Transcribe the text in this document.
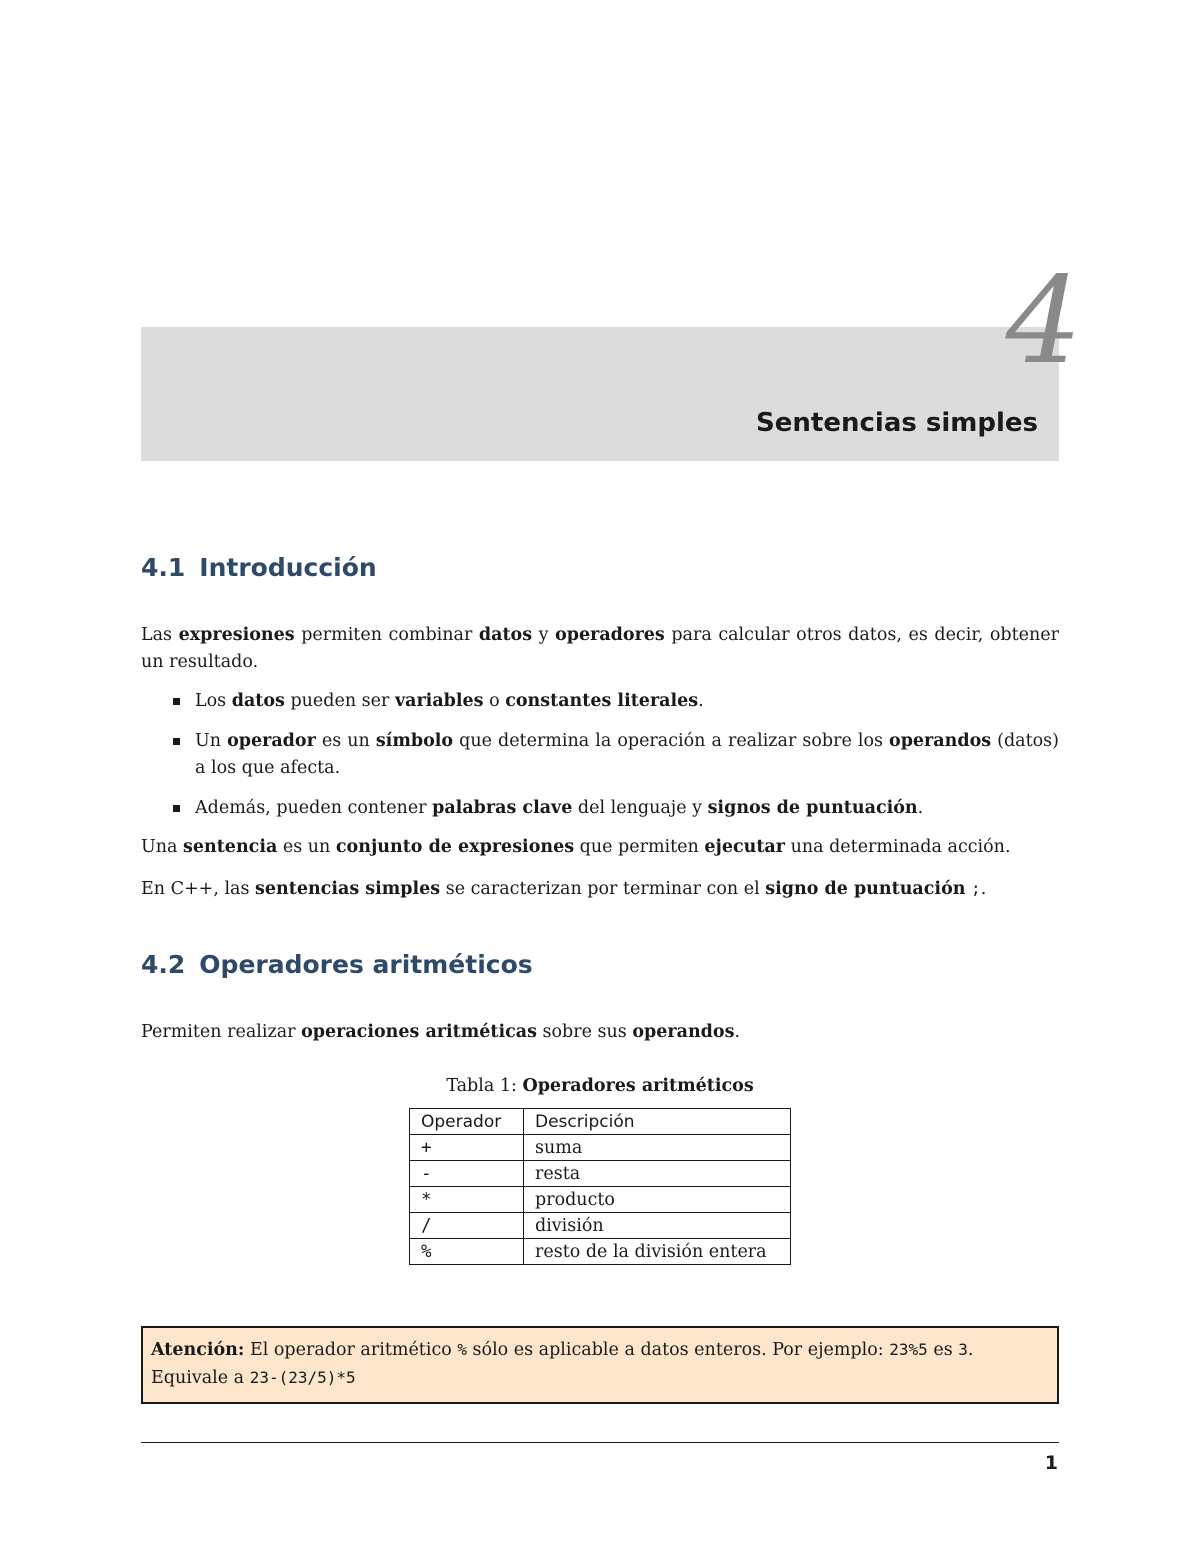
4
Sentencias simples
4.1 Introducción

Las expresiones permiten combinar datos y operadores para calcular otros datos, es decir, obtener un resultado.

Los datos pueden ser variables o constantes literales.
Un operador es un símbolo que determina la operación a realizar sobre los operandos (datos) a los que afecta.
Además, pueden contener palabras clave del lenguaje y signos de puntuación.

Una sentencia es un conjunto de expresiones que permiten ejecutar una determinada acción.

En C++, las sentencias simples se caracterizan por terminar con el signo de puntuación ;.

4.2 Operadores aritméticos

Permiten realizar operaciones aritméticas sobre sus operandos.

Tabla 1: Operadores aritméticos
Operador	Descripción
+	suma
-	resta
*	producto
/	división
%	resto de la división entera
Atención: El operador aritmético % sólo es aplicable a datos enteros. Por ejemplo: 23%5 es 3. Equivale a 23-(23/5)*5
1
